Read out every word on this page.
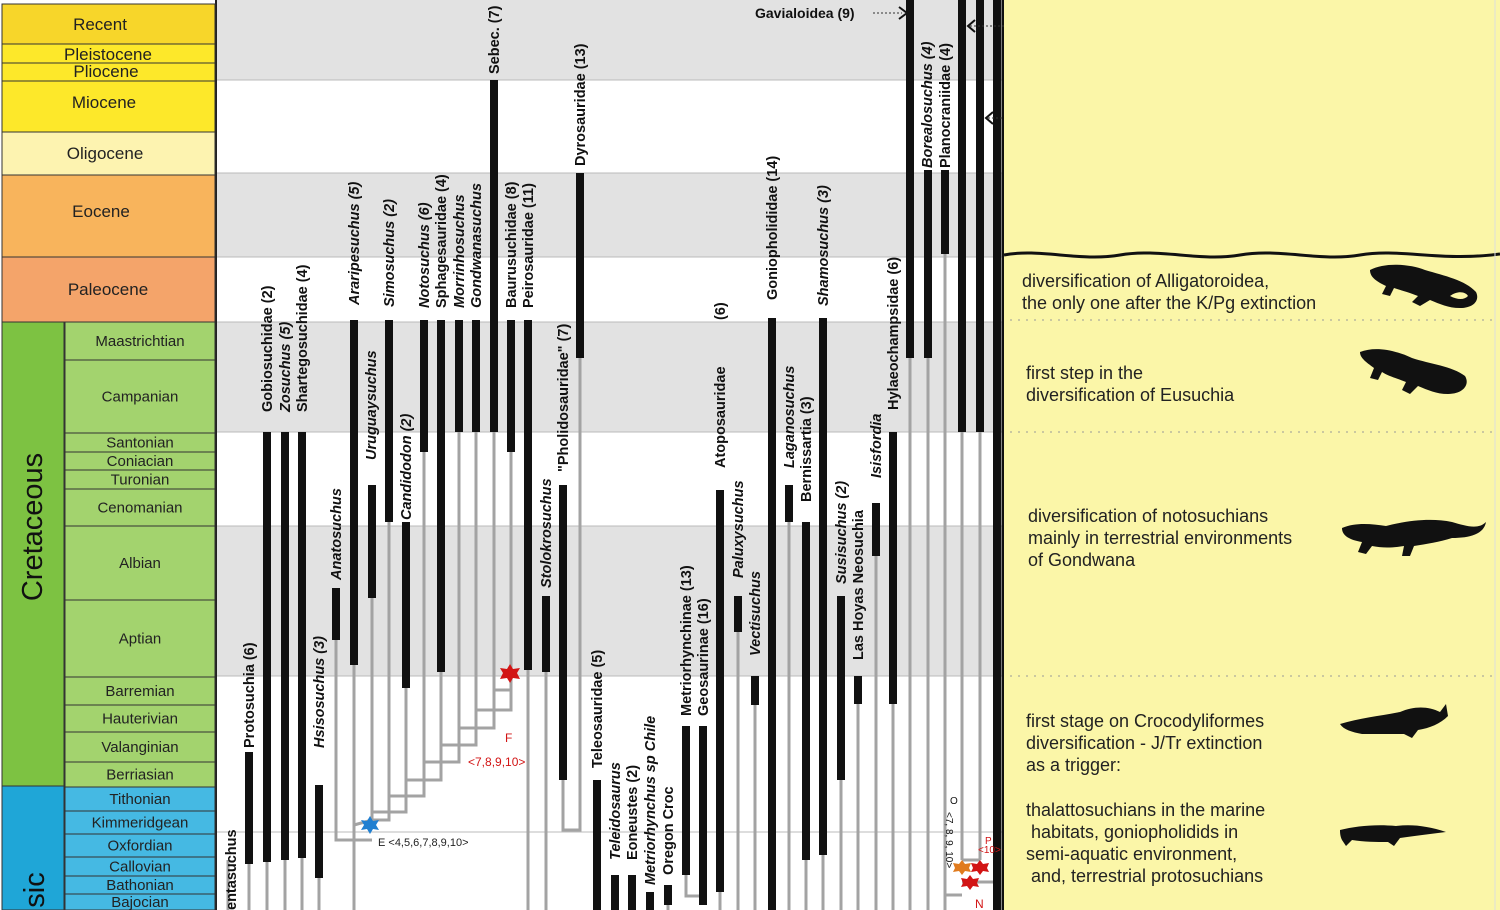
Maastrichtian
Campanian
Santonian
Coniacian
Turonian
Cenomanian
Albian
Aptian
Barremian
Hauterivian
Valanginian
Berriasian
Tithonian
Kimmeridgean
Oxfordian
Callovian
Bathonian
Bajocian
Recent
Pleistocene
Pliocene
Miocene
Oligocene
Eocene
Paleocene
Cretaceous
sic
E <4,5,6,7,8,9,10>
F
<7,8,9,10>
O
<7, 8, 9, 10>	P
<10>
N
entasuchus
Protosuchia (6)
Gobiosuchidae (2) Zosuchus (5) Shartegosuchidae (4)
Hsisosuchus (3)
Anatosuchus
Araripesuchus (5)
Uruguaysuchus
Simosuchus (2)
Candidodon (2)
Notosuchus (6) Sphagesauridae (4) Morrinhosuchus Gondwanasuchus
Sebec. (7)
Baurusuchidae (8) Peirosauridae (11)
Stolokrosuchus
"Pholidosauridae" (7)
Dyrosauridae (13)
Teleosauridae (5)
Teleidosaurus Eoneustes (2) Metriorhynchus sp Chile Oregon Croc
Metriorhynchinae (13) Geosaurinae (16)
Atoposauridae
(6)
Paluxysuchus
Vectisuchus
Goniopholididae (14)
Laganosuchus Bernissartia (3)
Shamosuchus (3)
Susisuchus (2) Las Hoyas Neosuchia
Isisfordia
Hylaeochampsidae (6)
Borealosuchus (4) Planocraniidae (4)
Gavialoidea (9)
diversification of Alligatoroidea, the only one after the K/Pg extinction
first step in the diversification of Eusuchia
diversification of notosuchians mainly in terrestrial environments of Gondwana
first stage on Crocodyliformes diversification - J/Tr extinction as a trigger:
thalattosuchians in the marine habitats, goniopholidids in semi-aquatic environment, and, terrestrial protosuchians
